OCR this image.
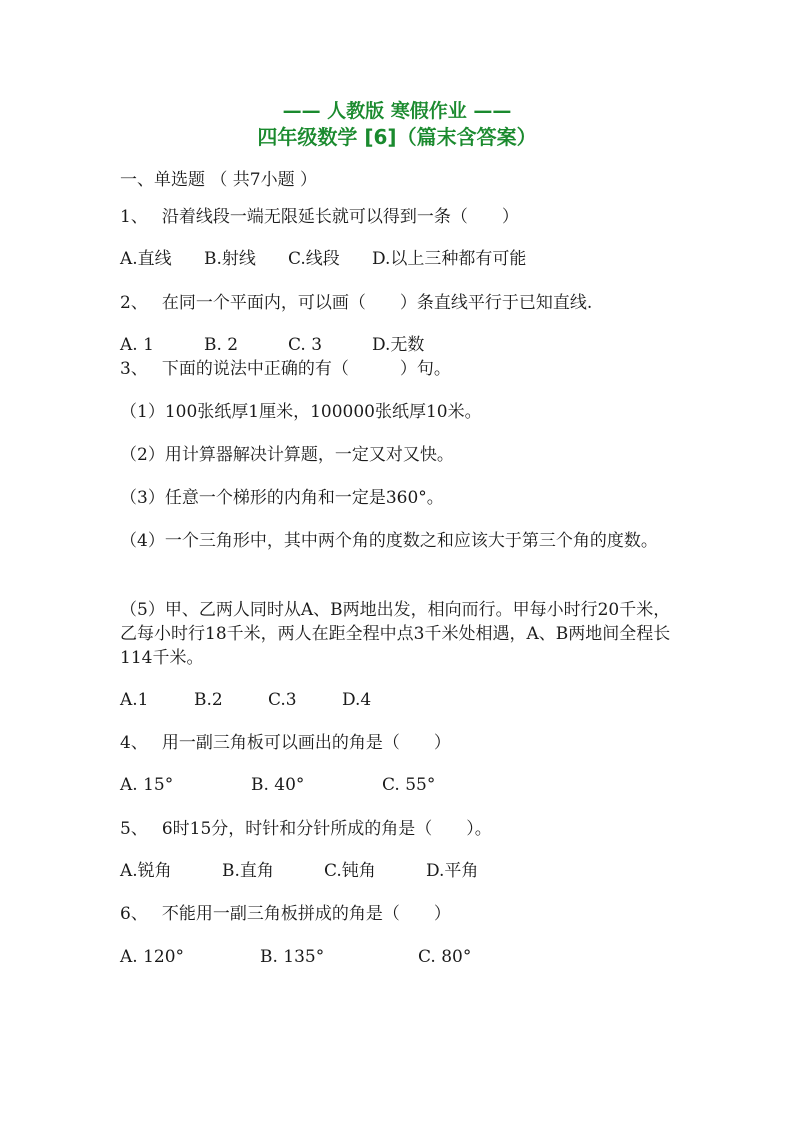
—— 人教版 寒假作业 ——
四年级数学 [6]（篇末含答案）
一、单选题 （ 共7小题 ）
1、 沿着线段一端无限延长就可以得到一条（　　）
A.直线 B.射线 C.线段 D.以上三种都有可能
2、 在同一个平面内，可以画（　　）条直线平行于已知直线.
A. 1	B. 2	C. 3	D.无数
3、 下面的说法中正确的有（　　　）句。
（1）100张纸厚1厘米，100000张纸厚10米。
（2）用计算器解决计算题，一定又对又快。
（3）任意一个梯形的内角和一定是360°。
（4）一个三角形中，其中两个角的度数之和应该大于第三个角的度数。
（5）甲、乙两人同时从A、B两地出发，相向而行。甲每小时行20千米，乙每小时行18千米，两人在距全程中点3千米处相遇，A、B两地间全程长114千米。
A.1	B.2	C.3	D.4
4、 用一副三角板可以画出的角是（　　）
A. 15°	B. 40°	C. 55°
5、 6时15分，时针和分针所成的角是（　　）。
A.锐角	B.直角	C.钝角	D.平角
6、 不能用一副三角板拼成的角是（　　）
A. 120°	B. 135°	C. 80°
